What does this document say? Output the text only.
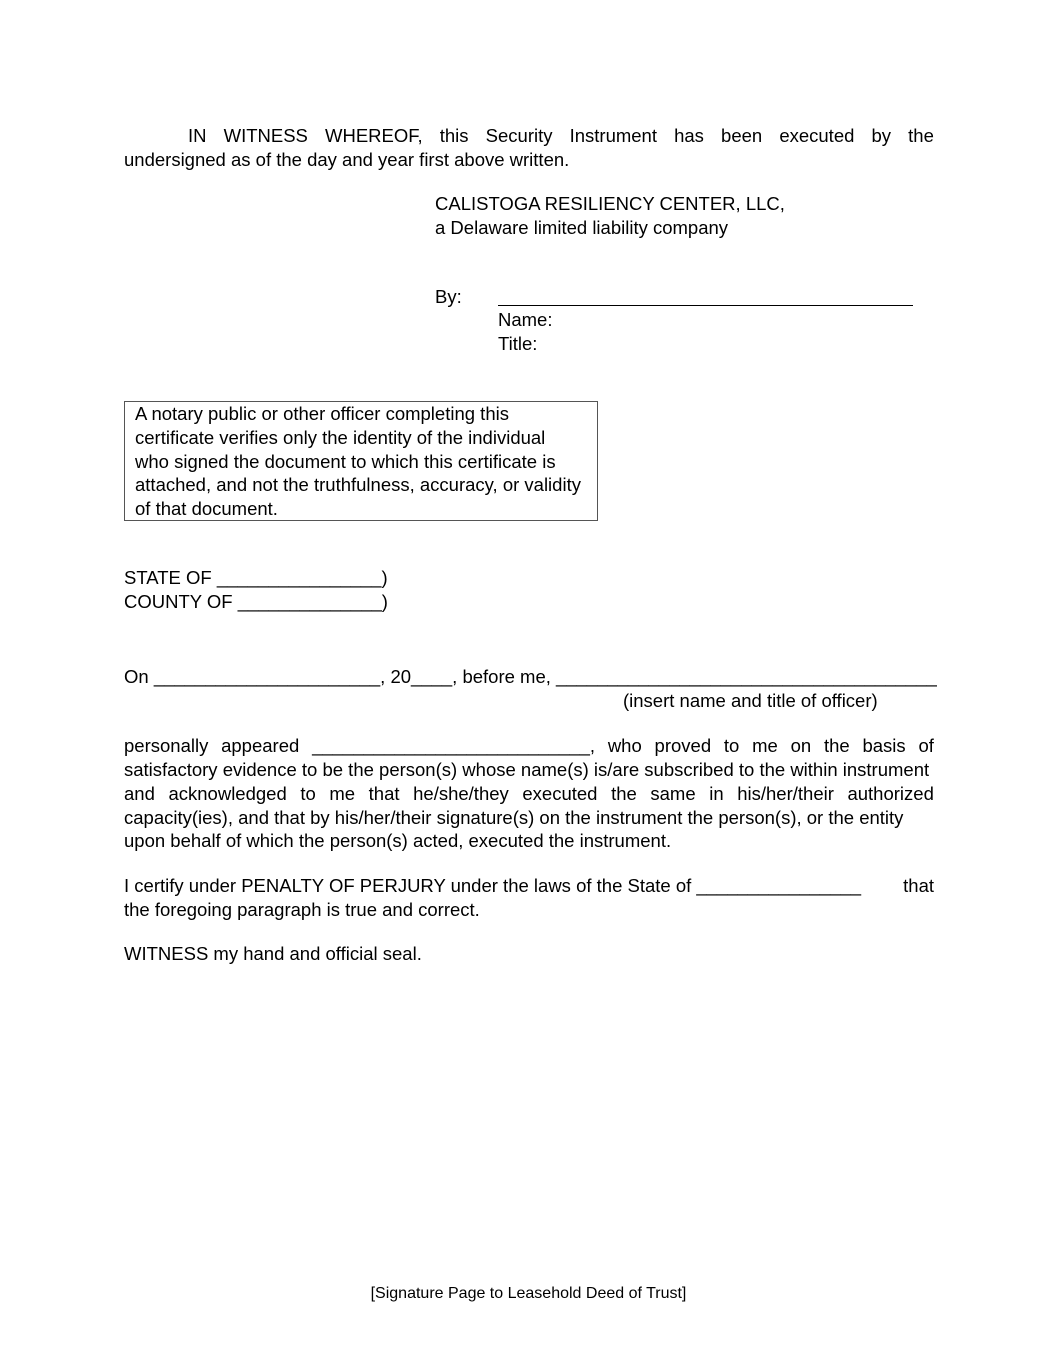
IN WITNESS WHEREOF, this Security Instrument has been executed by the
undersigned as of the day and year first above written.
CALISTOGA RESILIENCY CENTER, LLC,
a Delaware limited liability company
By:
Name:
Title:
A notary public or other officer completing this
certificate verifies only the identity of the individual
who signed the document to which this certificate is
attached, and not the truthfulness, accuracy, or validity
of that document.
STATE OF ________________)
COUNTY OF ______________)
On ______________________, 20____, before me, _____________________________________
(insert name and title of officer)
personally appeared ___________________________, who proved to me on the basis of
satisfactory evidence to be the person(s) whose name(s) is/are subscribed to the within instrument
and acknowledged to me that he/she/they executed the same in his/her/their authorized
capacity(ies), and that by his/her/their signature(s) on the instrument the person(s), or the entity
upon behalf of which the person(s) acted, executed the instrument.
I certify under PENALTY OF PERJURY under the laws of the State of ________________ that
the foregoing paragraph is true and correct.
WITNESS my hand and official seal.
[Signature Page to Leasehold Deed of Trust]
